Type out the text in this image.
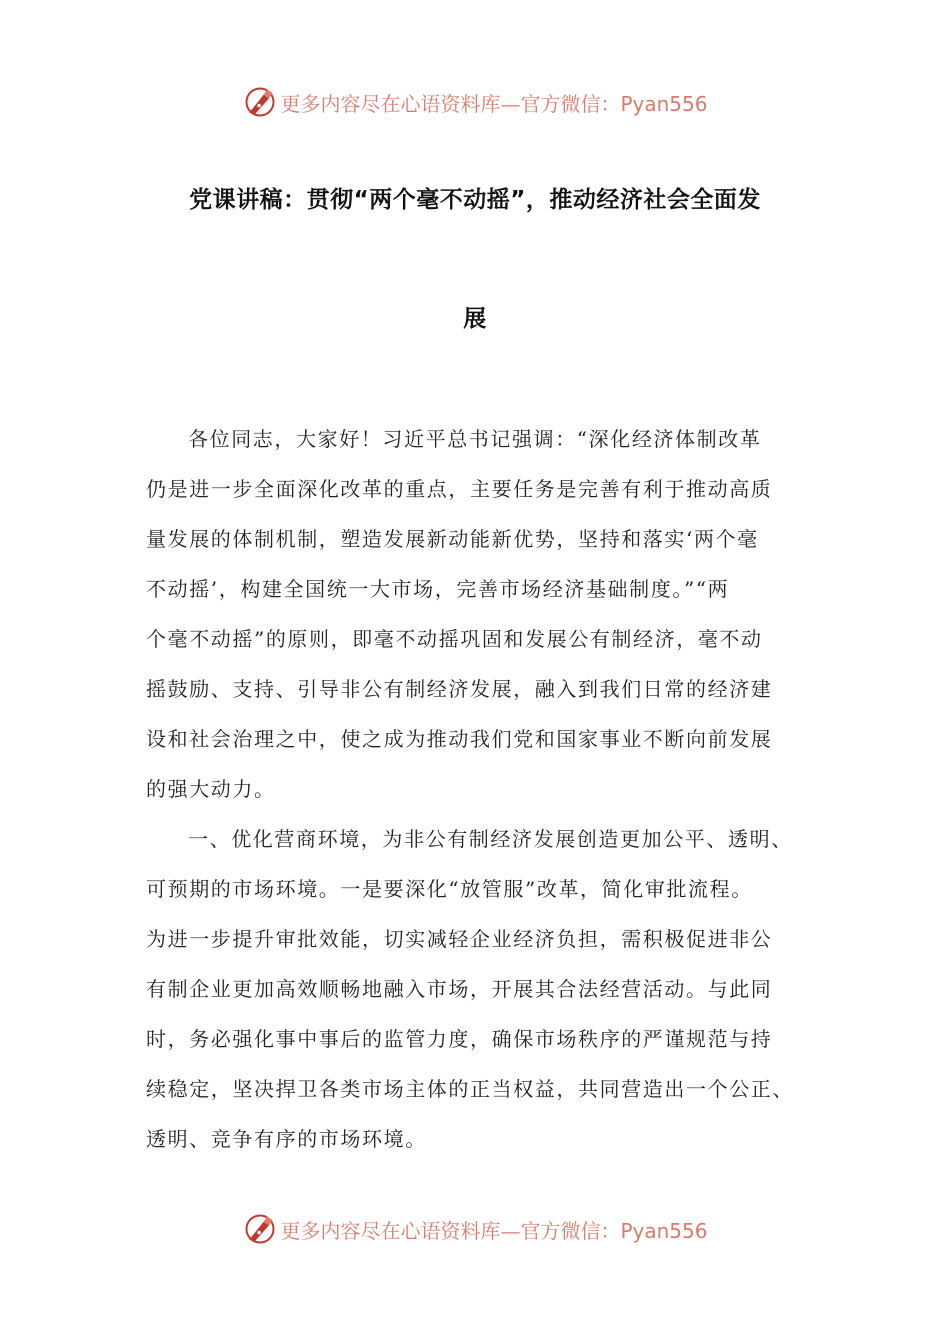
更多内容尽在心语资料库— 官方微信：Pyan556
党课讲稿：贯彻“两个毫不动摇”，推动经济社会全面发
展
各位同志，大家好！习近平总书记强调：“深化经济体制改革
仍是进一步全面深化改革的重点，主要任务是完善有利于推动高质
量发展的体制机制，塑造发展新动能新优势，坚持和落实‘两个毫
不动摇’，构建全国统一大市场，完善市场经济基础制度。”“两
个毫不动摇”的原则，即毫不动摇巩固和发展公有制经济，毫不动
摇鼓励、支持、引导非公有制经济发展，融入到我们日常的经济建
设和社会治理之中，使之成为推动我们党和国家事业不断向前发展
的强大动力。
一、优化营商环境，为非公有制经济发展创造更加公平、透明、
可预期的市场环境。一是要深化“放管服”改革，简化审批流程。
为进一步提升审批效能，切实减轻企业经济负担，需积极促进非公
有制企业更加高效顺畅地融入市场，开展其合法经营活动。与此同
时，务必强化事中事后的监管力度，确保市场秩序的严谨规范与持
续稳定，坚决捍卫各类市场主体的正当权益，共同营造出一个公正、
透明、竞争有序的市场环境。
更多内容尽在心语资料库— 官方微信：Pyan556
